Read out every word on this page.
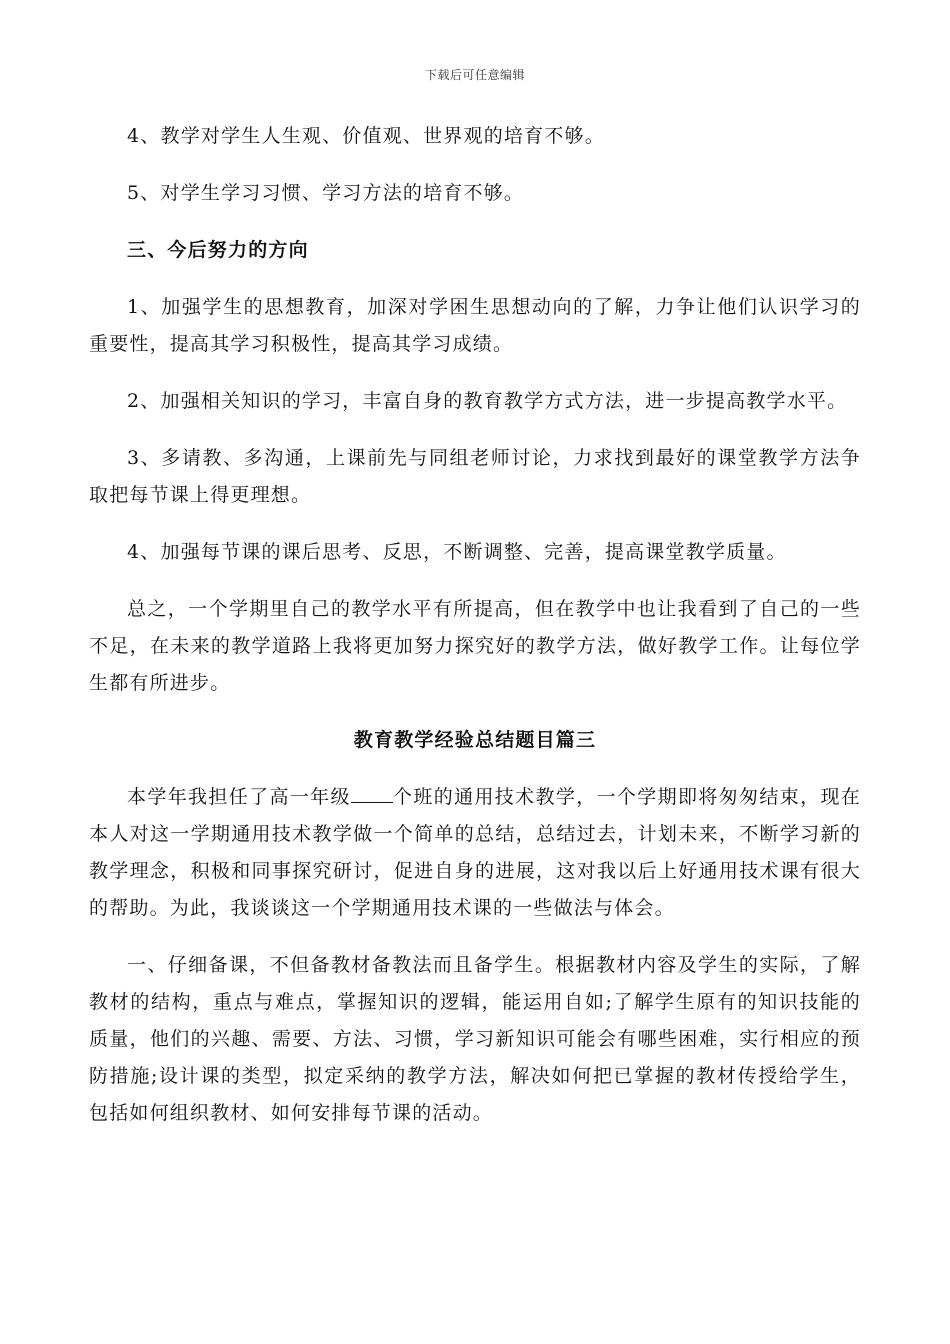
下载后可任意编辑

4、教学对学生人生观、价值观、世界观的培育不够。

5、对学生学习习惯、学习方法的培育不够。

三、今后努力的方向

1、加强学生的思想教育，加深对学困生思想动向的了解，力争让他们认识学习的重要性，提高其学习积极性，提高其学习成绩。

2、加强相关知识的学习，丰富自身的教育教学方式方法，进一步提高教学水平。

3、多请教、多沟通，上课前先与同组老师讨论，力求找到最好的课堂教学方法争取把每节课上得更理想。

4、加强每节课的课后思考、反思，不断调整、完善，提高课堂教学质量。

总之，一个学期里自己的教学水平有所提高，但在教学中也让我看到了自己的一些不足，在未来的教学道路上我将更加努力探究好的教学方法，做好教学工作。让每位学生都有所进步。

教育教学经验总结题目篇三

本学年我担任了高一年级 个班的通用技术教学，一个学期即将匆匆结束，现在本人对这一学期通用技术教学做一个简单的总结，总结过去，计划未来，不断学习新的教学理念，积极和同事探究研讨，促进自身的进展，这对我以后上好通用技术课有很大的帮助。为此，我谈谈这一个学期通用技术课的一些做法与体会。

一、仔细备课，不但备教材备教法而且备学生。根据教材内容及学生的实际，了解教材的结构，重点与难点，掌握知识的逻辑，能运用自如;了解学生原有的知识技能的质量，他们的兴趣、需要、方法、习惯，学习新知识可能会有哪些困难，实行相应的预防措施;设计课的类型，拟定采纳的教学方法，解决如何把已掌握的教材传授给学生，包括如何组织教材、如何安排每节课的活动。
